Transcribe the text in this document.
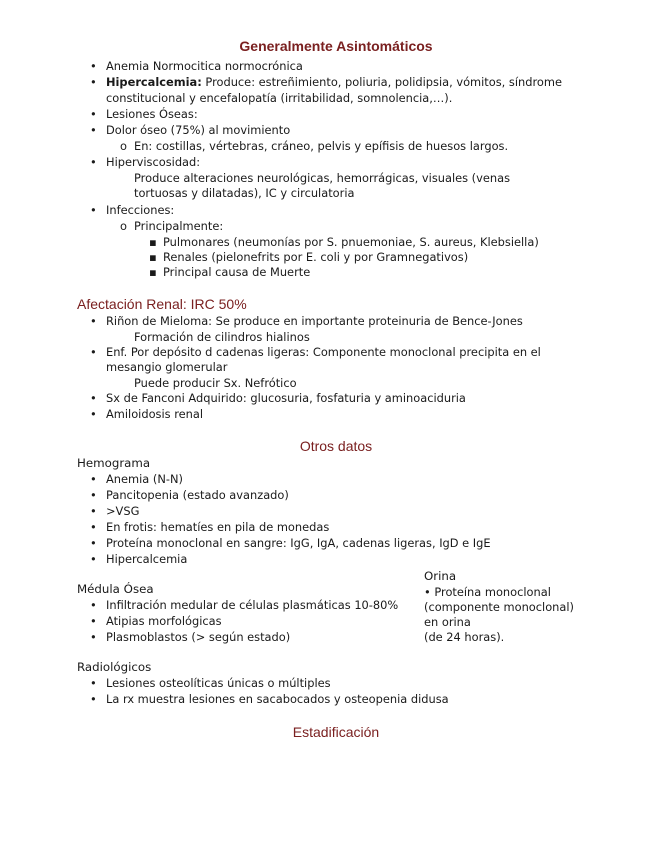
Generalmente Asintomáticos
• Anemia Normocitica normocrónica
• Hipercalcemia: Produce: estreñimiento, poliuria, polidipsia, vómitos, síndrome
constitucional y encefalopatía (irritabilidad, somnolencia,…).
• Lesiones Óseas:
• Dolor óseo (75%) al movimiento
o En: costillas, vértebras, cráneo, pelvis y epífisis de huesos largos.
• Hiperviscosidad:
Produce alteraciones neurológicas, hemorrágicas, visuales (venas
tortuosas y dilatadas), IC y circulatoria
• Infecciones:
o Principalmente:
▪ Pulmonares (neumonías por S. pnuemoniae, S. aureus, Klebsiella)
▪ Renales (pielonefrits por E. coli y por Gramnegativos)
▪ Principal causa de Muerte
Afectación Renal: IRC 50%
• Riñon de Mieloma: Se produce en importante proteinuria de Bence-Jones
Formación de cilindros hialinos
• Enf. Por depósito d cadenas ligeras: Componente monoclonal precipita en el
mesangio glomerular
Puede producir Sx. Nefrótico
• Sx de Fanconi Adquirido: glucosuria, fosfaturia y aminoaciduria
• Amiloidosis renal
Otros datos
Hemograma
• Anemia (N-N)
• Pancitopenia (estado avanzado)
• >VSG
• En frotis: hematíes en pila de monedas
• Proteína monoclonal en sangre: IgG, IgA, cadenas ligeras, IgD e IgE
• Hipercalcemia
Médula Ósea
• Infiltración medular de células plasmáticas 10-80%
• Atipias morfológicas
• Plasmoblastos (> según estado)
Orina
• Proteína monoclonal
(componente monoclonal)
en orina
(de 24 horas).
Radiológicos
• Lesiones osteolíticas únicas o múltiples
• La rx muestra lesiones en sacabocados y osteopenia didusa
Estadificación
